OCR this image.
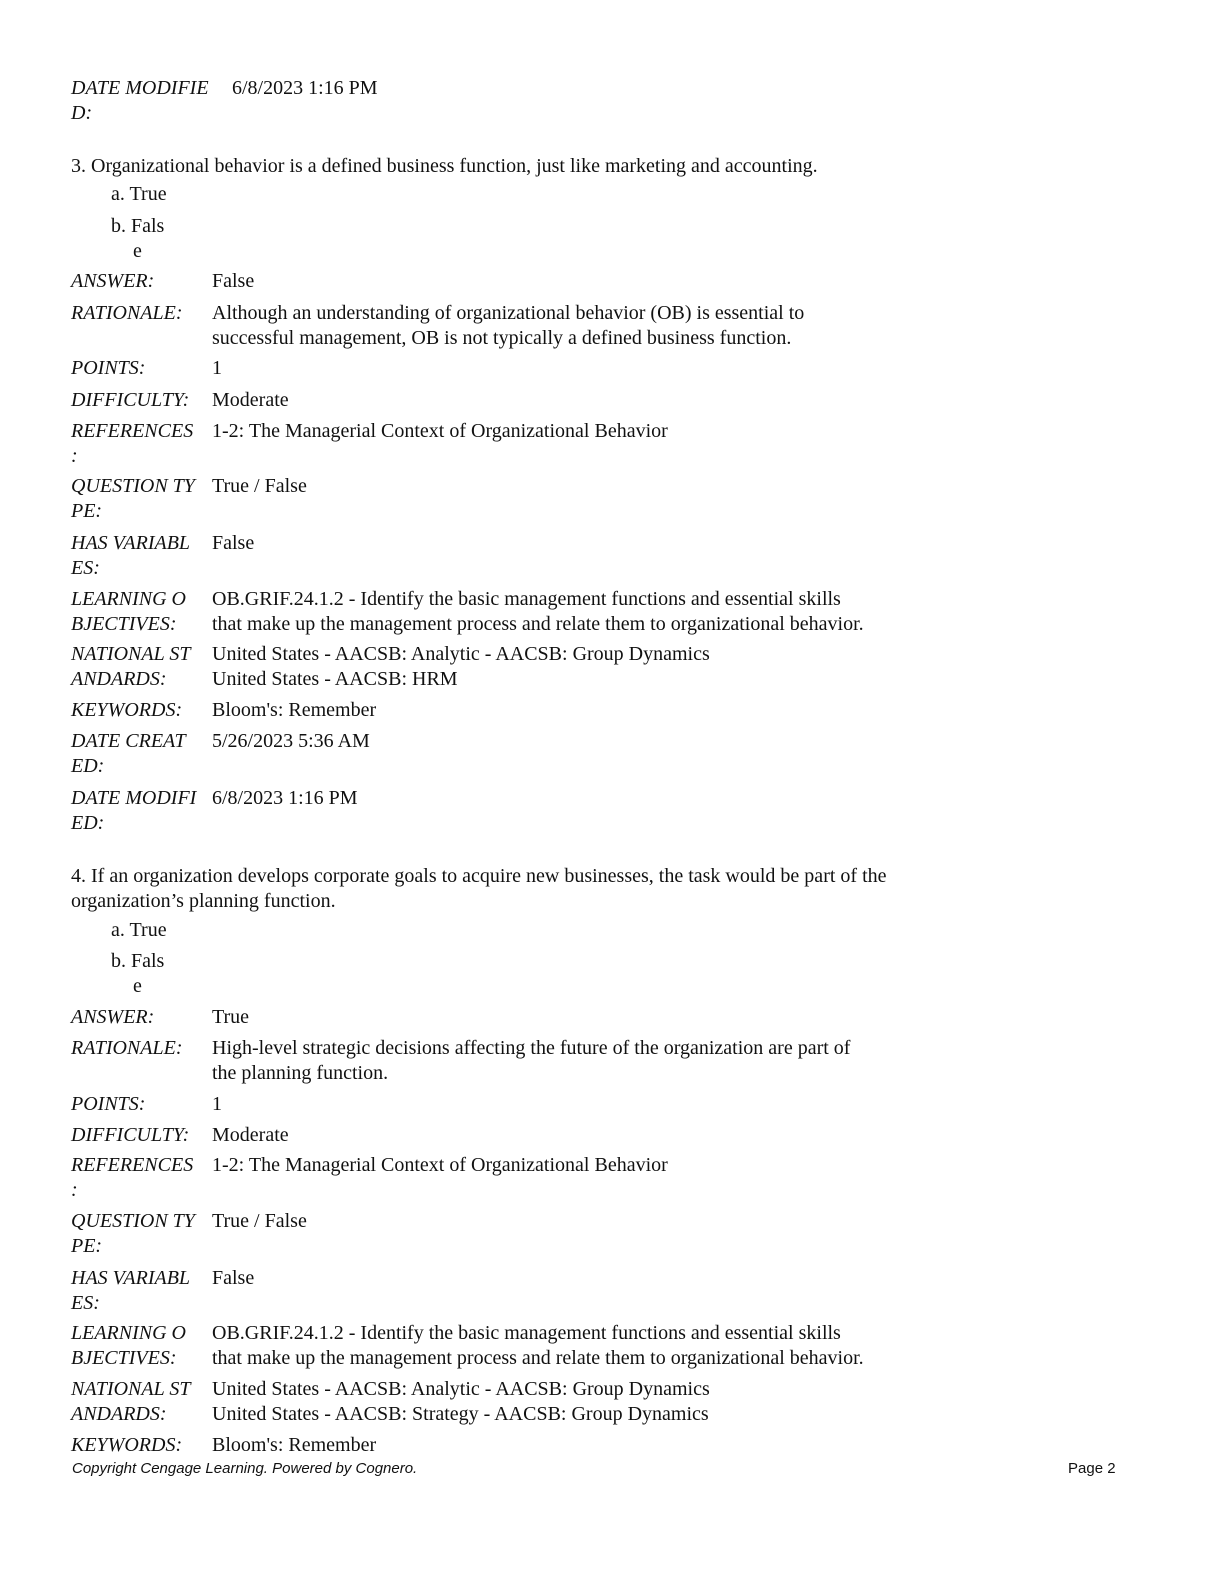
DATE MODIFIE 6/8/2023 1:16 PM
D:
3. Organizational behavior is a defined business function, just like marketing and accounting.
a. True
b. Fals
e
ANSWER:	False
RATIONALE: Although an understanding of organizational behavior (OB) is essential to
successful management, OB is not typically a defined business function.
POINTS:	1
DIFFICULTY: Moderate
REFERENCES 1-2: The Managerial Context of Organizational Behavior
:
QUESTION TY True / False
PE:
HAS VARIABL False
ES:
LEARNING O OB.GRIF.24.1.2 - Identify the basic management functions and essential skills
BJECTIVES: that make up the management process and relate them to organizational behavior.
NATIONAL ST United States - AACSB: Analytic - AACSB: Group Dynamics
ANDARDS: United States - AACSB: HRM
KEYWORDS: Bloom's: Remember
DATE CREAT 5/26/2023 5:36 AM
ED:
DATE MODIFI 6/8/2023 1:16 PM
ED:
4. If an organization develops corporate goals to acquire new businesses, the task would be part of the
organization’s planning function.
a. True
b. Fals
e
ANSWER:	True
RATIONALE: High-level strategic decisions affecting the future of the organization are part of
the planning function.
POINTS:	1
DIFFICULTY: Moderate
REFERENCES 1-2: The Managerial Context of Organizational Behavior
:
QUESTION TY True / False
PE:
HAS VARIABL False
ES:
LEARNING O OB.GRIF.24.1.2 - Identify the basic management functions and essential skills
BJECTIVES: that make up the management process and relate them to organizational behavior.
NATIONAL ST United States - AACSB: Analytic - AACSB: Group Dynamics
ANDARDS: United States - AACSB: Strategy - AACSB: Group Dynamics
KEYWORDS: Bloom's: Remember
Copyright Cengage Learning. Powered by Cognero.	Page 2
